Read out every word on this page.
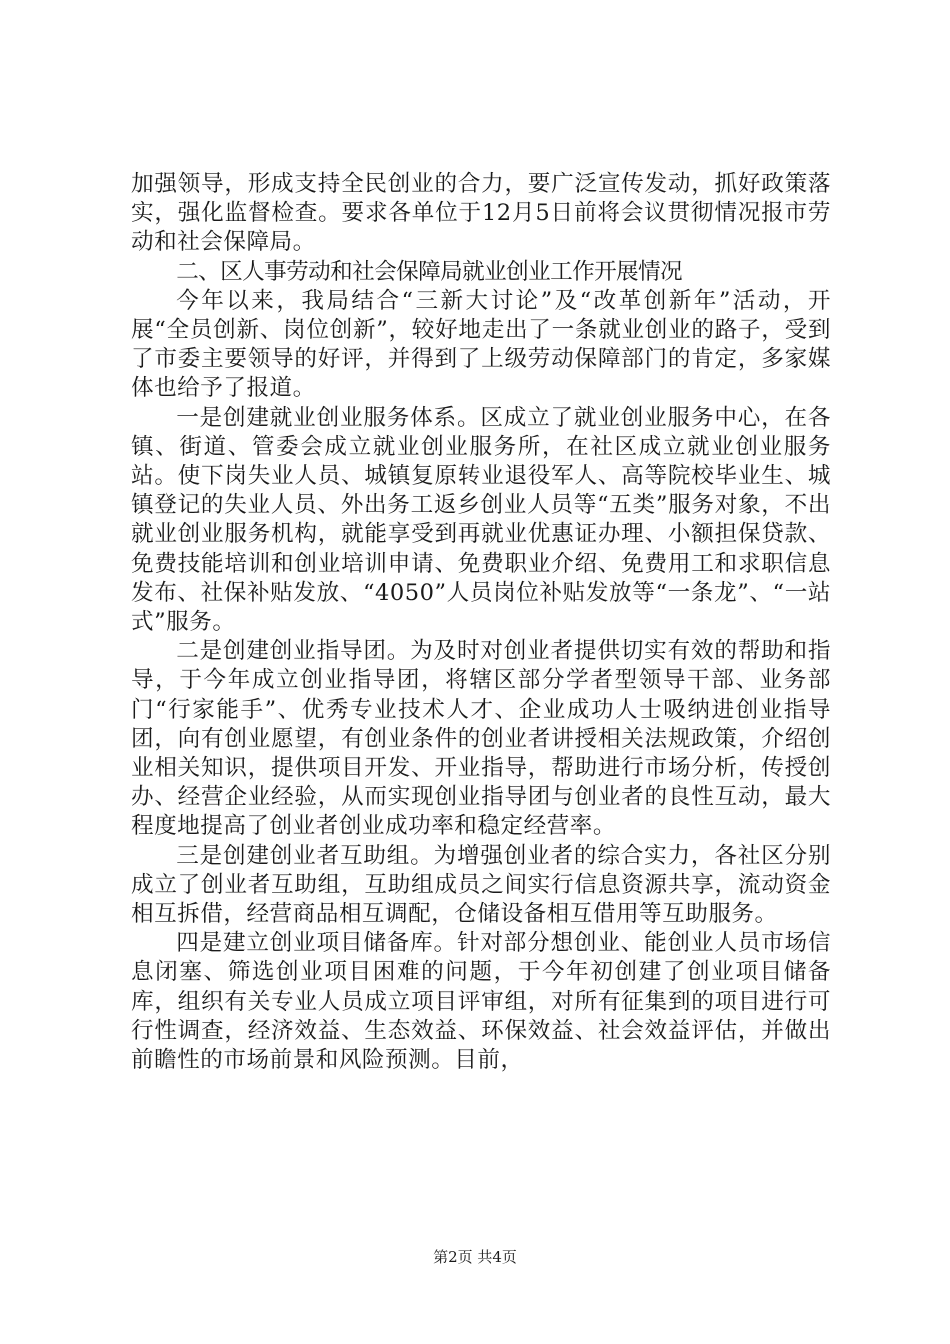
加强领导，形成支持全民创业的合力，要广泛宣传发动，抓好政策落实，强化监督检查。要求各单位于12月5日前将会议贯彻情况报市劳动和社会保障局。

二、区人事劳动和社会保障局就业创业工作开展情况

今年以来，我局结合“三新大讨论”及“改革创新年”活动，开展“全员创新、岗位创新”，较好地走出了一条就业创业的路子，受到了市委主要领导的好评，并得到了上级劳动保障部门的肯定，多家媒体也给予了报道。

一是创建就业创业服务体系。区成立了就业创业服务中心，在各镇、街道、管委会成立就业创业服务所，在社区成立就业创业服务站。使下岗失业人员、城镇复原转业退役军人、高等院校毕业生、城镇登记的失业人员、外出务工返乡创业人员等“五类”服务对象，不出就业创业服务机构，就能享受到再就业优惠证办理、小额担保贷款、免费技能培训和创业培训申请、免费职业介绍、免费用工和求职信息发布、社保补贴发放、“4050”人员岗位补贴发放等“一条龙”、“一站式”服务。

二是创建创业指导团。为及时对创业者提供切实有效的帮助和指导，于今年成立创业指导团，将辖区部分学者型领导干部、业务部门“行家能手”、优秀专业技术人才、企业成功人士吸纳进创业指导团，向有创业愿望，有创业条件的创业者讲授相关法规政策，介绍创业相关知识，提供项目开发、开业指导，帮助进行市场分析，传授创办、经营企业经验，从而实现创业指导团与创业者的良性互动，最大程度地提高了创业者创业成功率和稳定经营率。

三是创建创业者互助组。为增强创业者的综合实力，各社区分别成立了创业者互助组，互助组成员之间实行信息资源共享，流动资金相互拆借，经营商品相互调配，仓储设备相互借用等互助服务。

四是建立创业项目储备库。针对部分想创业、能创业人员市场信息闭塞、筛选创业项目困难的问题，于今年初创建了创业项目储备库，组织有关专业人员成立项目评审组，对所有征集到的项目进行可行性调查，经济效益、生态效益、环保效益、社会效益评估，并做出前瞻性的市场前景和风险预测。目前，

第2页 共4页
